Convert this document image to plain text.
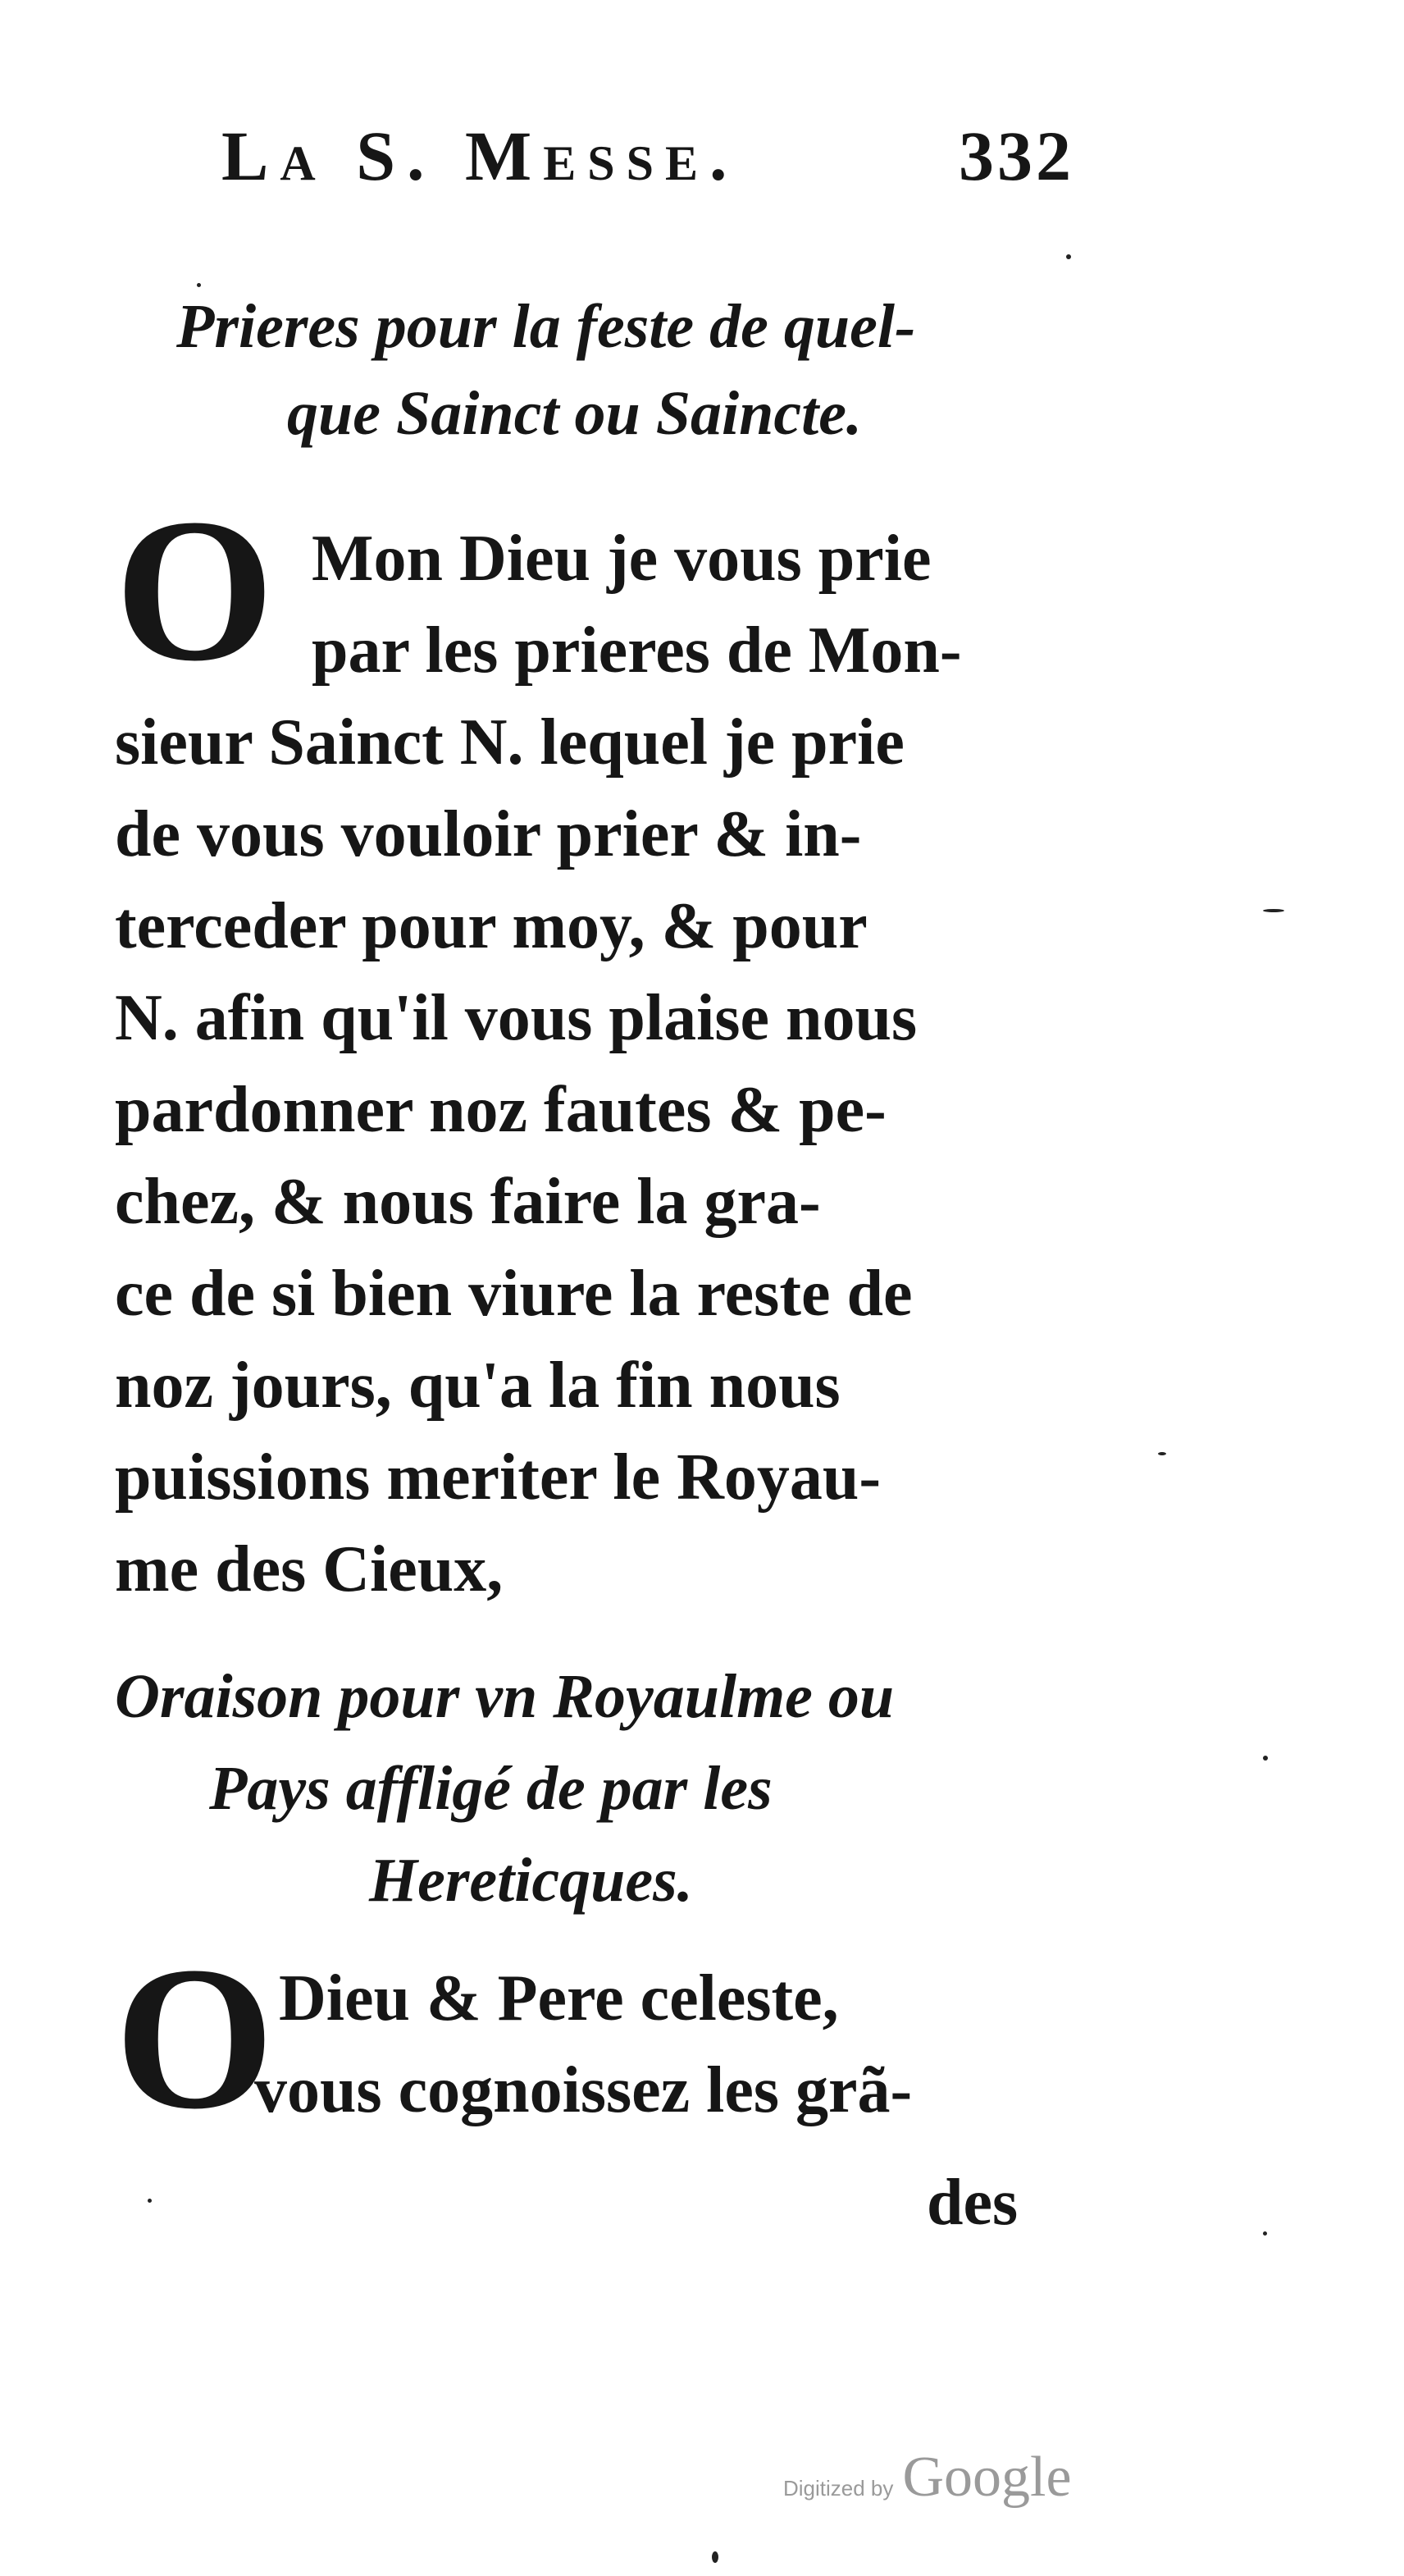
La S. Messe.	332
Prieres pour la feste de quel-
que Sainct ou Saincte.
O Mon Dieu je vous prie
par les prieres de Mon-
sieur Sainct N. lequel je prie
de vous vouloir prier & in-
terceder pour moy, & pour
N. afin qu'il vous plaise nous
pardonner noz fautes & pe-
chez, & nous faire la gra-
ce de si bien viure la reste de
noz jours, qu'a la fin nous
puissions meriter le Royau-
me des Cieux,
Oraison pour vn Royaulme ou
Pays affligé de par les
Hereticques.
O Dieu & Pere celeste,
vous cognoissez les grã-
des
Digitized by Google
